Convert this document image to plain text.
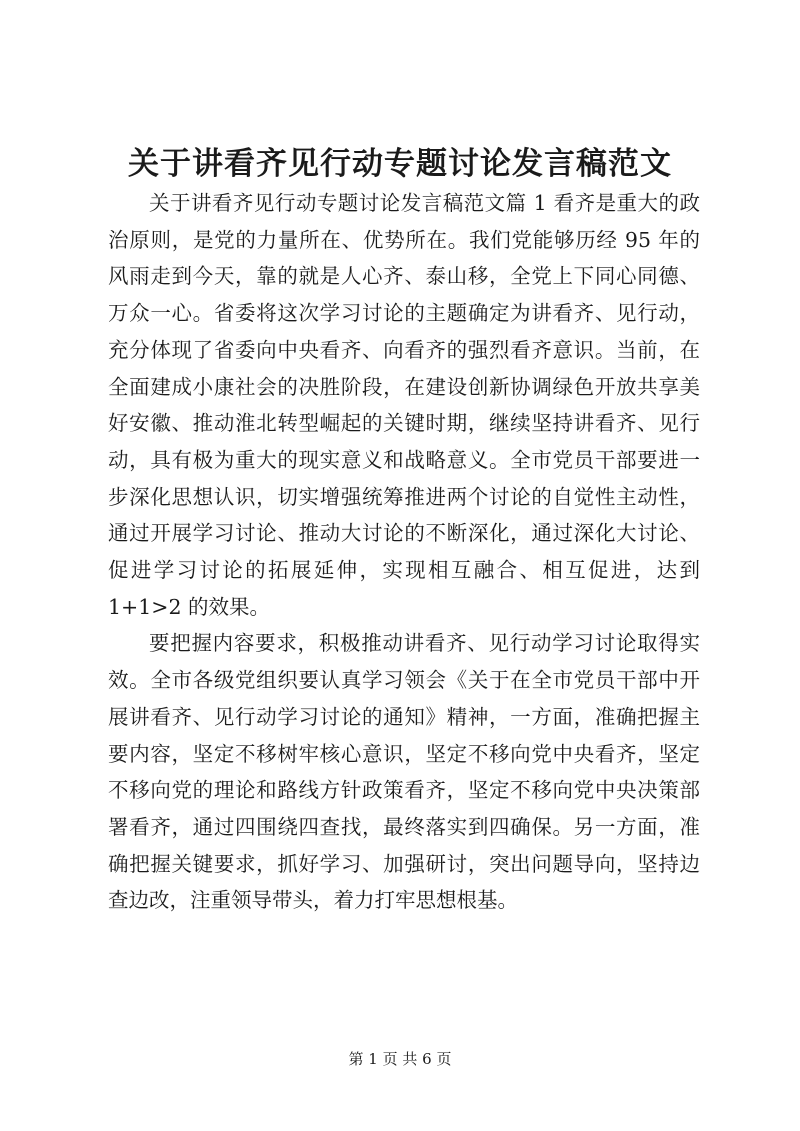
关于讲看齐见行动专题讨论发言稿范文

关于讲看齐见行动专题讨论发言稿范文篇 1 看齐是重大的政治原则，是党的力量所在、优势所在。我们党能够历经 95 年的风雨走到今天，靠的就是人心齐、泰山移，全党上下同心同德、万众一心。省委将这次学习讨论的主题确定为讲看齐、见行动，充分体现了省委向中央看齐、向看齐的强烈看齐意识。当前，在全面建成小康社会的决胜阶段，在建设创新协调绿色开放共享美好安徽、推动淮北转型崛起的关键时期，继续坚持讲看齐、见行动，具有极为重大的现实意义和战略意义。全市党员干部要进一步深化思想认识，切实增强统筹推进两个讨论的自觉性主动性，通过开展学习讨论、推动大讨论的不断深化，通过深化大讨论、促进学习讨论的拓展延伸，实现相互融合、相互促进，达到 1+1>2 的效果。

要把握内容要求，积极推动讲看齐、见行动学习讨论取得实效。全市各级党组织要认真学习领会《关于在全市党员干部中开展讲看齐、见行动学习讨论的通知》精神，一方面，准确把握主要内容，坚定不移树牢核心意识，坚定不移向党中央看齐，坚定不移向党的理论和路线方针政策看齐，坚定不移向党中央决策部署看齐，通过四围绕四查找，最终落实到四确保。另一方面，准确把握关键要求，抓好学习、加强研讨，突出问题导向，坚持边查边改，注重领导带头，着力打牢思想根基。

第 1 页 共 6 页
